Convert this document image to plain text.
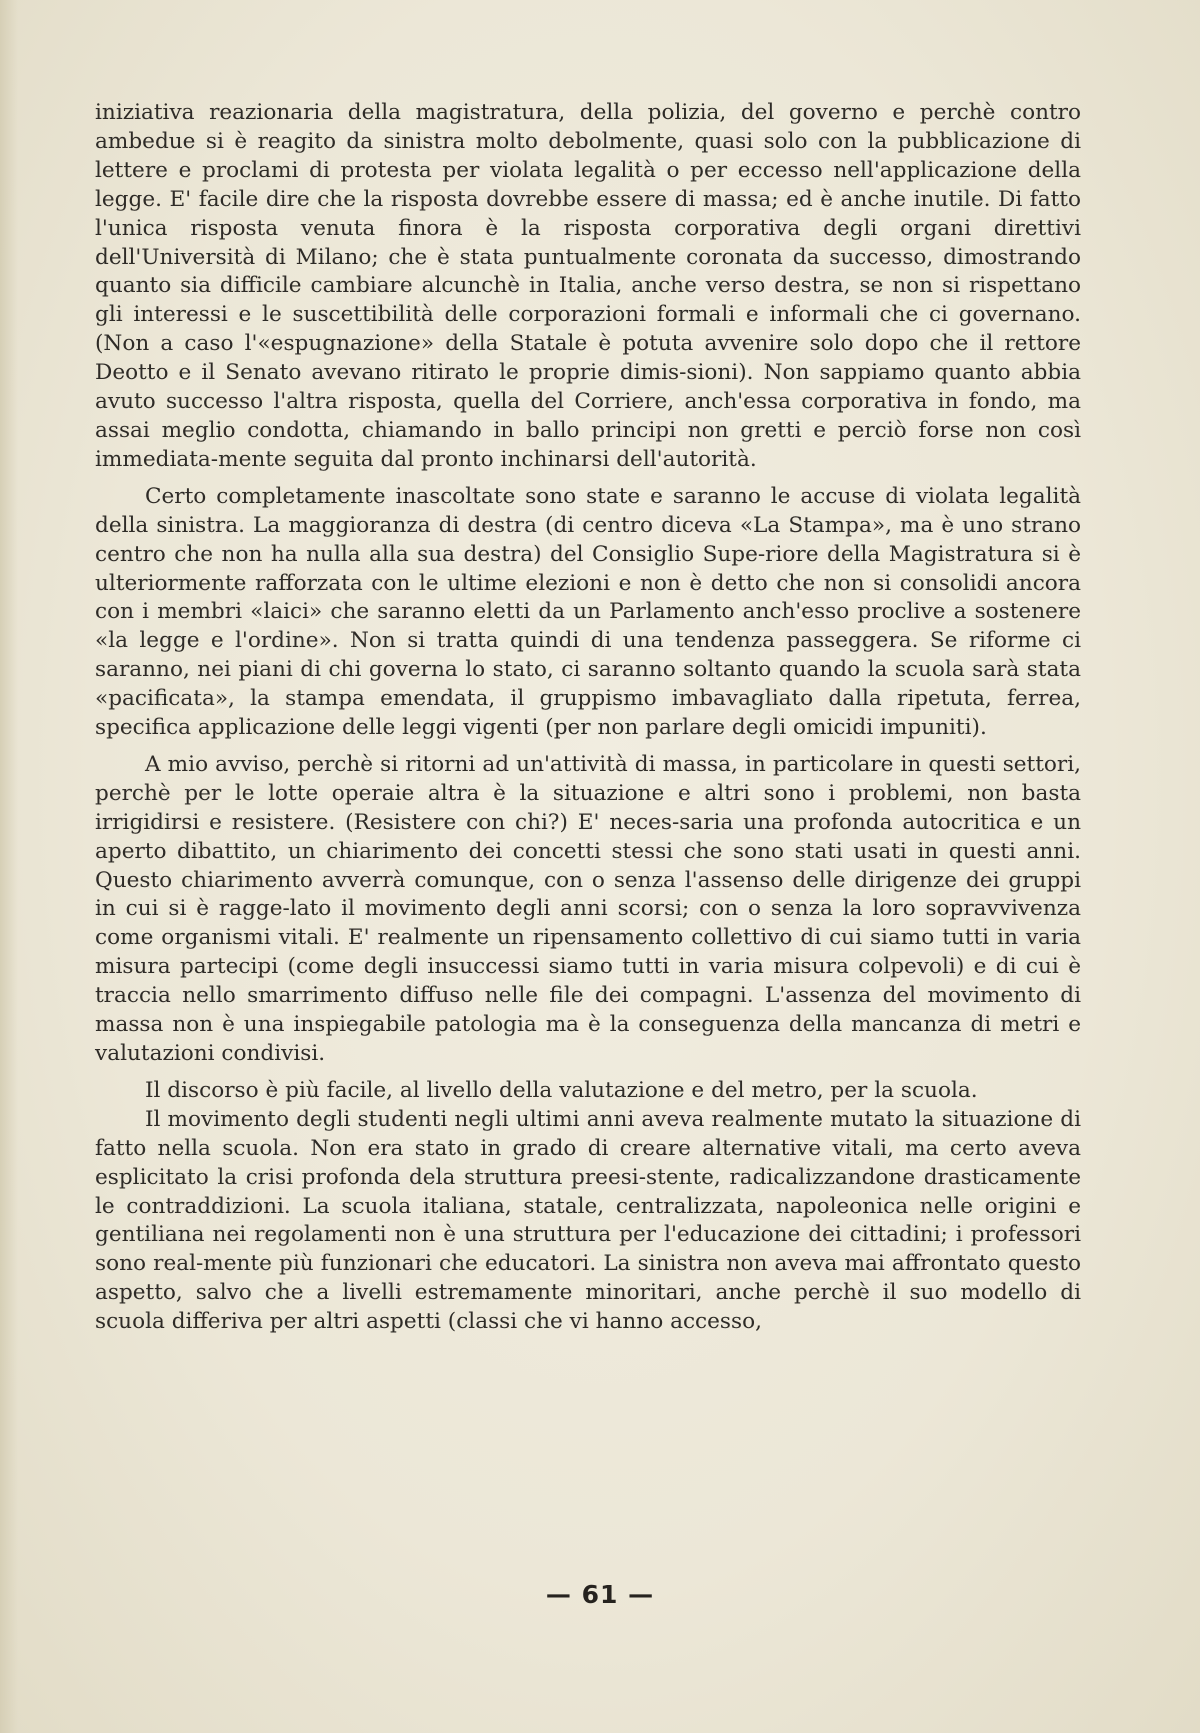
iniziativa reazionaria della magistratura, della polizia, del governo e perchè contro ambedue si è reagito da sinistra molto debolmente, quasi solo con la pubblicazione di lettere e proclami di protesta per violata legalità o per eccesso nell'applicazione della legge. E' facile dire che la risposta dovrebbe essere di massa; ed è anche inutile. Di fatto l'unica risposta venuta finora è la risposta corporativa degli organi direttivi dell'Università di Milano; che è stata puntualmente coronata da successo, dimostrando quanto sia difficile cambiare alcunchè in Italia, anche verso destra, se non si rispettano gli interessi e le suscettibilità delle corporazioni formali e informali che ci governano. (Non a caso l'«espugnazione» della Statale è potuta avvenire solo dopo che il rettore Deotto e il Senato avevano ritirato le proprie dimis-sioni). Non sappiamo quanto abbia avuto successo l'altra risposta, quella del Corriere, anch'essa corporativa in fondo, ma assai meglio condotta, chiamando in ballo principi non gretti e perciò forse non così immediata-mente seguita dal pronto inchinarsi dell'autorità.

Certo completamente inascoltate sono state e saranno le accuse di violata legalità della sinistra. La maggioranza di destra (di centro diceva «La Stampa», ma è uno strano centro che non ha nulla alla sua destra) del Consiglio Supe-riore della Magistratura si è ulteriormente rafforzata con le ultime elezioni e non è detto che non si consolidi ancora con i membri «laici» che saranno eletti da un Parlamento anch'esso proclive a sostenere «la legge e l'ordine». Non si tratta quindi di una tendenza passeggera. Se riforme ci saranno, nei piani di chi governa lo stato, ci saranno soltanto quando la scuola sarà stata «pacificata», la stampa emendata, il gruppismo imbavagliato dalla ripetuta, ferrea, specifica applicazione delle leggi vigenti (per non parlare degli omicidi impuniti).

A mio avviso, perchè si ritorni ad un'attività di massa, in particolare in questi settori, perchè per le lotte operaie altra è la situazione e altri sono i problemi, non basta irrigidirsi e resistere. (Resistere con chi?) E' neces-saria una profonda autocritica e un aperto dibattito, un chiarimento dei concetti stessi che sono stati usati in questi anni. Questo chiarimento avverrà comunque, con o senza l'assenso delle dirigenze dei gruppi in cui si è ragge-lato il movimento degli anni scorsi; con o senza la loro sopravvivenza come organismi vitali. E' realmente un ripensamento collettivo di cui siamo tutti in varia misura partecipi (come degli insuccessi siamo tutti in varia misura colpevoli) e di cui è traccia nello smarrimento diffuso nelle file dei compagni. L'assenza del movimento di massa non è una inspiegabile patologia ma è la conseguenza della mancanza di metri e valutazioni condivisi.

Il discorso è più facile, al livello della valutazione e del metro, per la scuola.

Il movimento degli studenti negli ultimi anni aveva realmente mutato la situazione di fatto nella scuola. Non era stato in grado di creare alternative vitali, ma certo aveva esplicitato la crisi profonda dela struttura preesi-stente, radicalizzandone drasticamente le contraddizioni. La scuola italiana, statale, centralizzata, napoleonica nelle origini e gentiliana nei regolamenti non è una struttura per l'educazione dei cittadini; i professori sono real-mente più funzionari che educatori. La sinistra non aveva mai affrontato questo aspetto, salvo che a livelli estremamente minoritari, anche perchè il suo modello di scuola differiva per altri aspetti (classi che vi hanno accesso,

— 61 —
